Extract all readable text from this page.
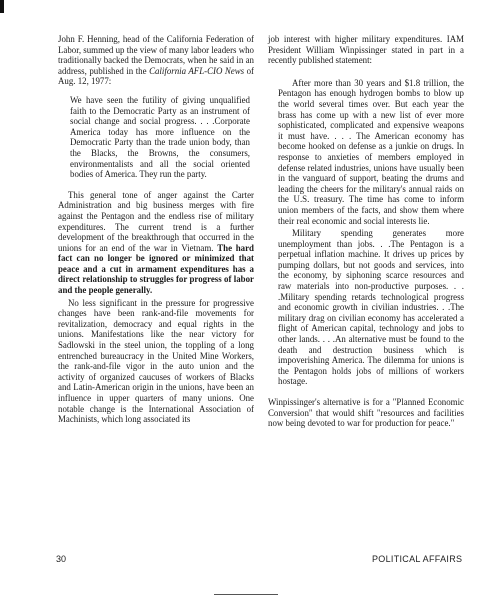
John F. Henning, head of the California Federation of Labor, summed up the view of many labor leaders who traditionally backed the Democrats, when he said in an address, published in the California AFL-CIO News of Aug. 12, 1977:

We have seen the futility of giving unqualified faith to the Democratic Party as an instrument of social change and social progress. . . .Corporate America today has more influence on the Democratic Party than the trade union body, than the Blacks, the Browns, the consumers, environmentalists and all the social oriented bodies of America. They run the party.

This general tone of anger against the Carter Administration and big business merges with fire against the Pentagon and the endless rise of military expenditures. The current trend is a further development of the breakthrough that occurred in the unions for an end of the war in Vietnam. The hard fact can no longer be ignored or minimized that peace and a cut in armament expenditures has a direct relationship to struggles for progress of labor and the people generally.

No less significant in the pressure for progressive changes have been rank-and-file movements for revitalization, democracy and equal rights in the unions. Manifestations like the near victory for Sadlowski in the steel union, the toppling of a long entrenched bureaucracy in the United Mine Workers, the rank-and-file vigor in the auto union and the activity of organized caucuses of workers of Blacks and Latin-American origin in the unions, have been an influence in upper quarters of many unions. One notable change is the International Association of Machinists, which long associated its

job interest with higher military expenditures. IAM President William Winpissinger stated in part in a recently published statement:

After more than 30 years and $1.8 trillion, the Pentagon has enough hydrogen bombs to blow up the world several times over. But each year the brass has come up with a new list of ever more sophisticated, complicated and expensive weapons it must have. . . . The American economy has become hooked on defense as a junkie on drugs. In response to anxieties of members employed in defense related industries, unions have usually been in the vanguard of support, beating the drums and leading the cheers for the military's annual raids on the U.S. treasury. The time has come to inform union members of the facts, and show them where their real economic and social interests lie.

Military spending generates more unemployment than jobs. . .The Pentagon is a perpetual inflation machine. It drives up prices by pumping dollars, but not goods and services, into the economy, by siphoning scarce resources and raw materials into non-productive purposes. . . .Military spending retards technological progress and economic growth in civilian industries. . .The military drag on civilian economy has accelerated a flight of American capital, technology and jobs to other lands. . . .An alternative must be found to the death and destruction business which is impoverishing America. The dilemma for unions is the Pentagon holds jobs of millions of workers hostage.

Winpissinger's alternative is for a "Planned Economic Conversion" that would shift "resources and facilities now being devoted to war for production for peace."

30	POLITICAL AFFAIRS
